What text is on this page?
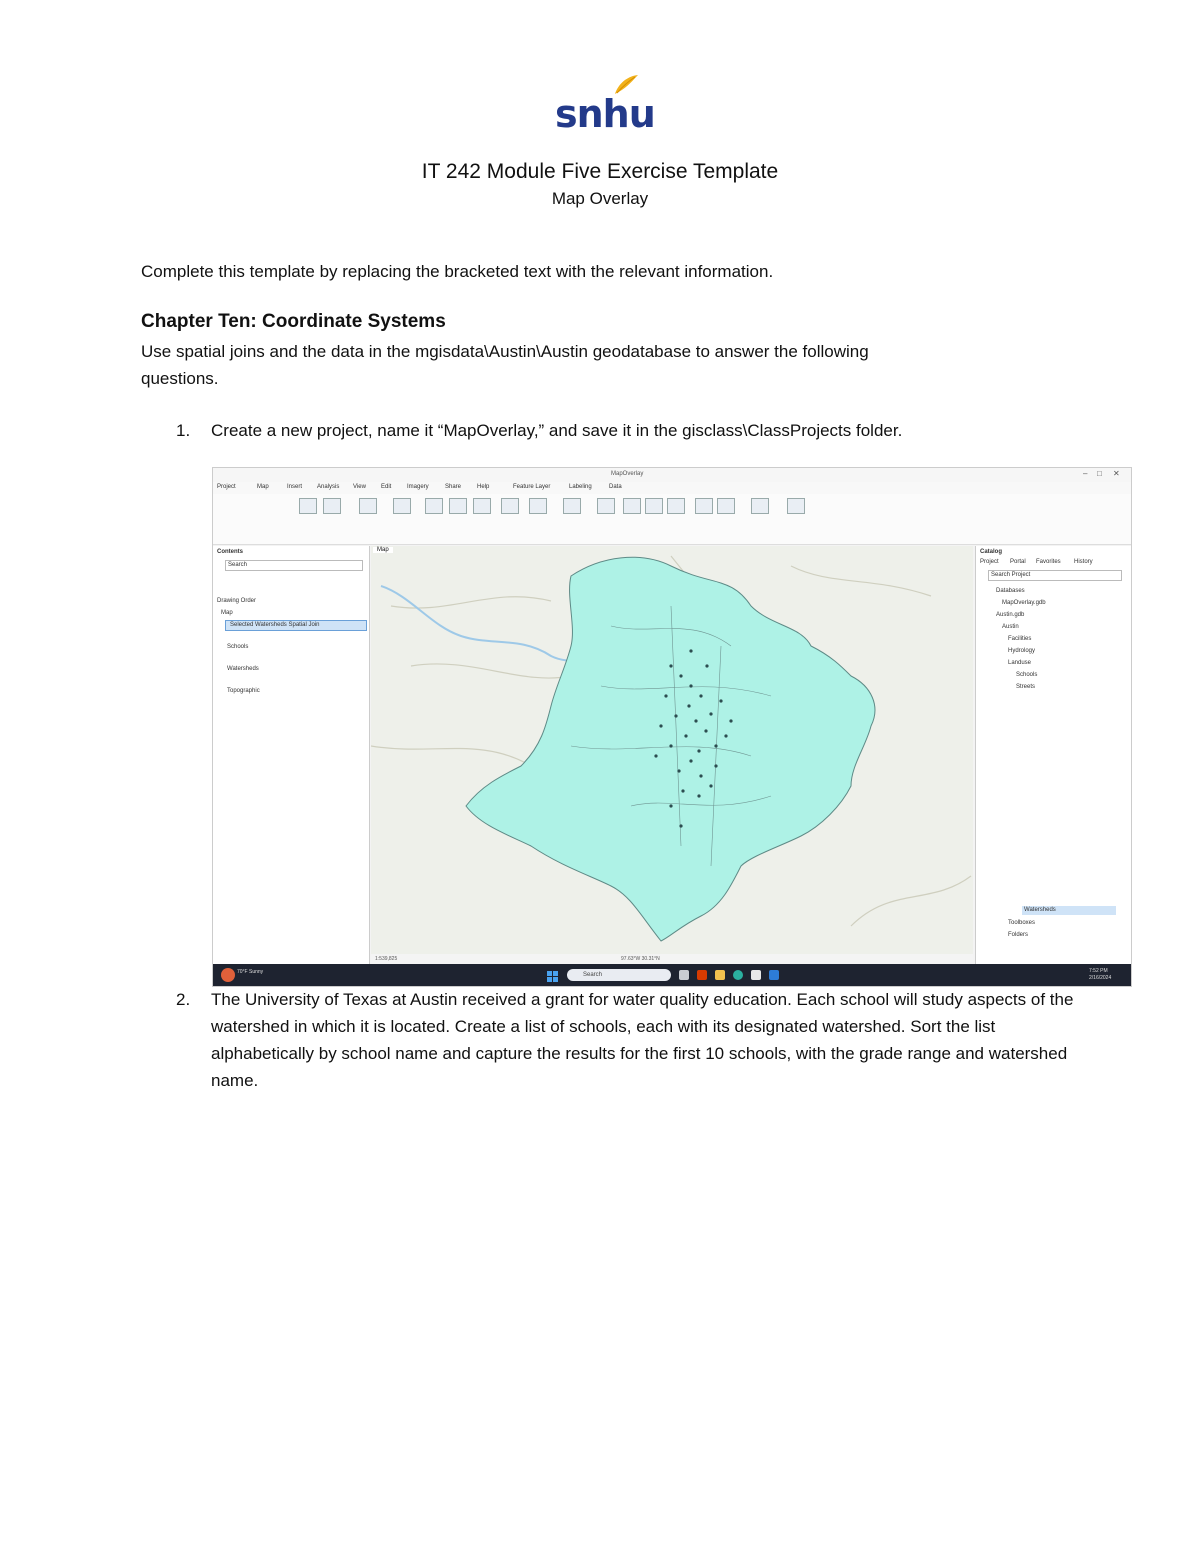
snhu
IT 242 Module Five Exercise Template
Map Overlay
Complete this template by replacing the bracketed text with the relevant information.
Chapter Ten: Coordinate Systems
Use spatial joins and the data in the mgisdata\Austin\Austin geodatabase to answer the following
questions.
1. Create a new project, name it “MapOverlay,” and save it in the gisclass\ClassProjects folder.
MapOverlay	– □ ✕
Project	Map	Insert Analysis View	Edit	Imagery	Share	Help	Feature Layer	Labeling	Data
Contents
Search
Drawing Order
Map
Selected Watersheds Spatial Join
Schools
Watersheds
Topographic
Map
1:539,825	97.63°W 30.31°N
Catalog
Project Portal Favorites History
Search Project
Databases
MapOverlay.gdb
Austin.gdb
Austin
Facilities
Hydrology
Landuse
Schools
Streets
Watersheds
Toolboxes
Folders
70°F Sunny	Search
7:52 PM
2/16/2024
2. The University of Texas at Austin received a grant for water quality education. Each school will study aspects of the watershed in which it is located. Create a list of schools, each with its designated watershed. Sort the list alphabetically by school name and capture the results for the first 10 schools, with the grade range and watershed name.
